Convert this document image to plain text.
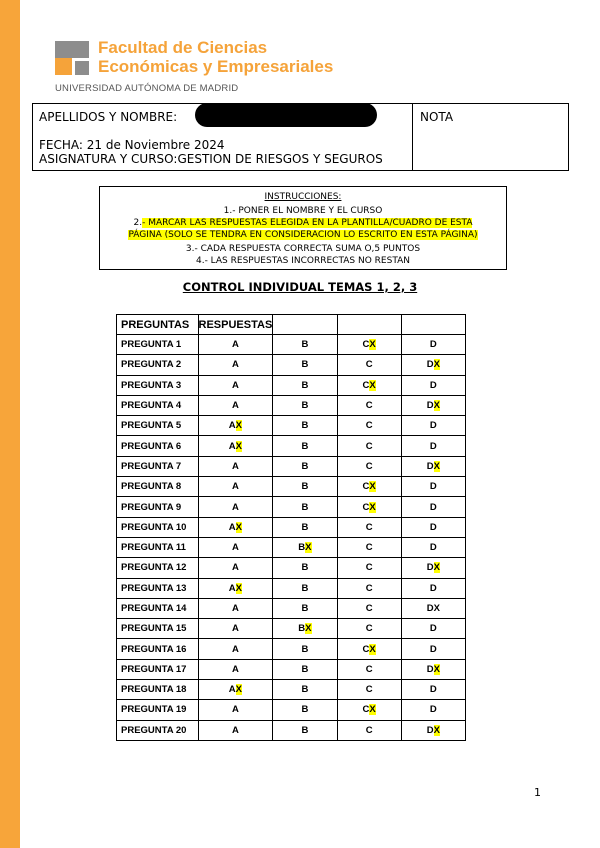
Facultad de Ciencias
Económicas y Empresariales
UNIVERSIDAD AUTÓNOMA DE MADRID
APELLIDOS Y NOMBRE:
FECHA: 21 de Noviembre 2024
ASIGNATURA Y CURSO:GESTION DE RIESGOS Y SEGUROS
NOTA
INSTRUCCIONES:
1.- PONER EL NOMBRE Y EL CURSO
2.- MARCAR LAS RESPUESTAS ELEGIDA EN LA PLANTILLA/CUADRO DE ESTA
PÁGINA (SOLO SE TENDRA EN CONSIDERACION LO ESCRITO EN ESTA PÁGINA)
3.- CADA RESPUESTA CORRECTA SUMA O,5 PUNTOS
4.- LAS RESPUESTAS INCORRECTAS NO RESTAN
CONTROL INDIVIDUAL TEMAS 1, 2, 3
PREGUNTAS	RESPUESTAS			
PREGUNTA 1	A	B	CX	D
PREGUNTA 2	A	B	C	DX
PREGUNTA 3	A	B	CX	D
PREGUNTA 4	A	B	C	DX
PREGUNTA 5	AX	B	C	D
PREGUNTA 6	AX	B	C	D
PREGUNTA 7	A	B	C	DX
PREGUNTA 8	A	B	CX	D
PREGUNTA 9	A	B	CX	D
PREGUNTA 10	AX	B	C	D
PREGUNTA 11	A	BX	C	D
PREGUNTA 12	A	B	C	DX
PREGUNTA 13	AX	B	C	D
PREGUNTA 14	A	B	C	DX
PREGUNTA 15	A	BX	C	D
PREGUNTA 16	A	B	CX	D
PREGUNTA 17	A	B	C	DX
PREGUNTA 18	AX	B	C	D
PREGUNTA 19	A	B	CX	D
PREGUNTA 20	A	B	C	DX
1
